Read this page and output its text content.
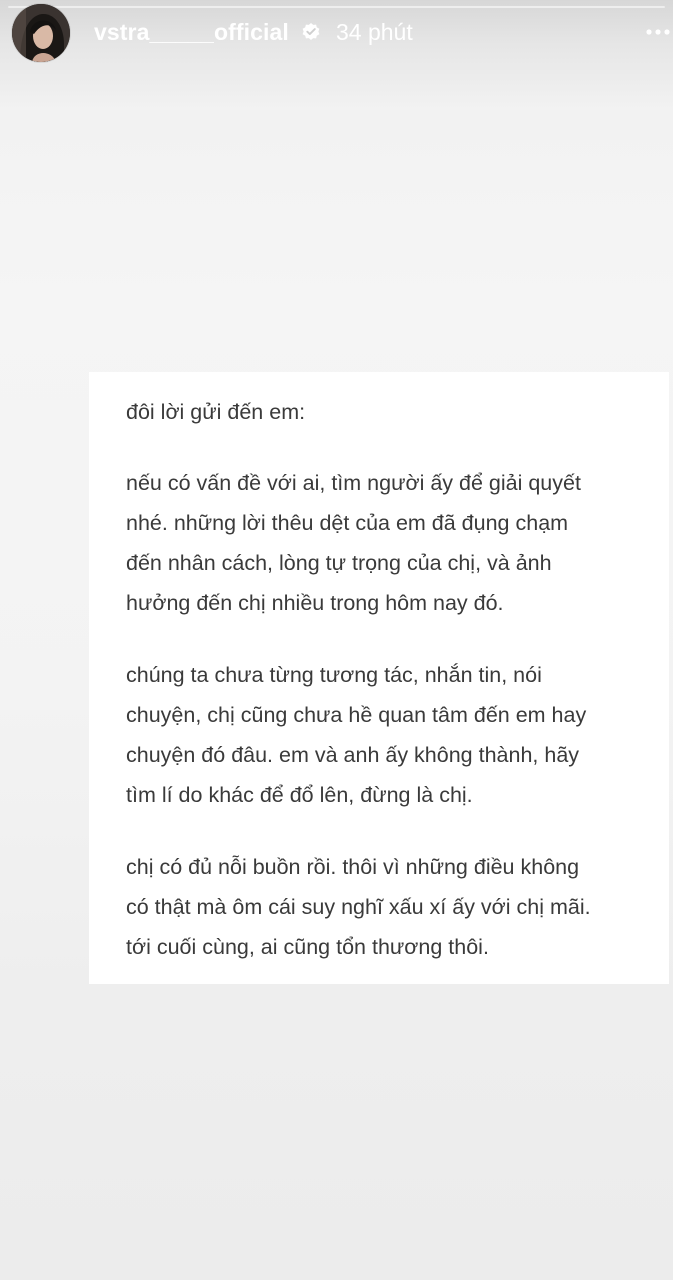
vstra_____official 34 phút

đôi lời gửi đến em:

nếu có vấn đề với ai, tìm người ấy để giải quyết
nhé. những lời thêu dệt của em đã đụng chạm
đến nhân cách, lòng tự trọng của chị, và ảnh
hưởng đến chị nhiều trong hôm nay đó.

chúng ta chưa từng tương tác, nhắn tin, nói
chuyện, chị cũng chưa hề quan tâm đến em hay
chuyện đó đâu. em và anh ấy không thành, hãy
tìm lí do khác để đổ lên, đừng là chị.

chị có đủ nỗi buồn rồi. thôi vì những điều không
có thật mà ôm cái suy nghĩ xấu xí ấy với chị mãi.
tới cuối cùng, ai cũng tổn thương thôi.
